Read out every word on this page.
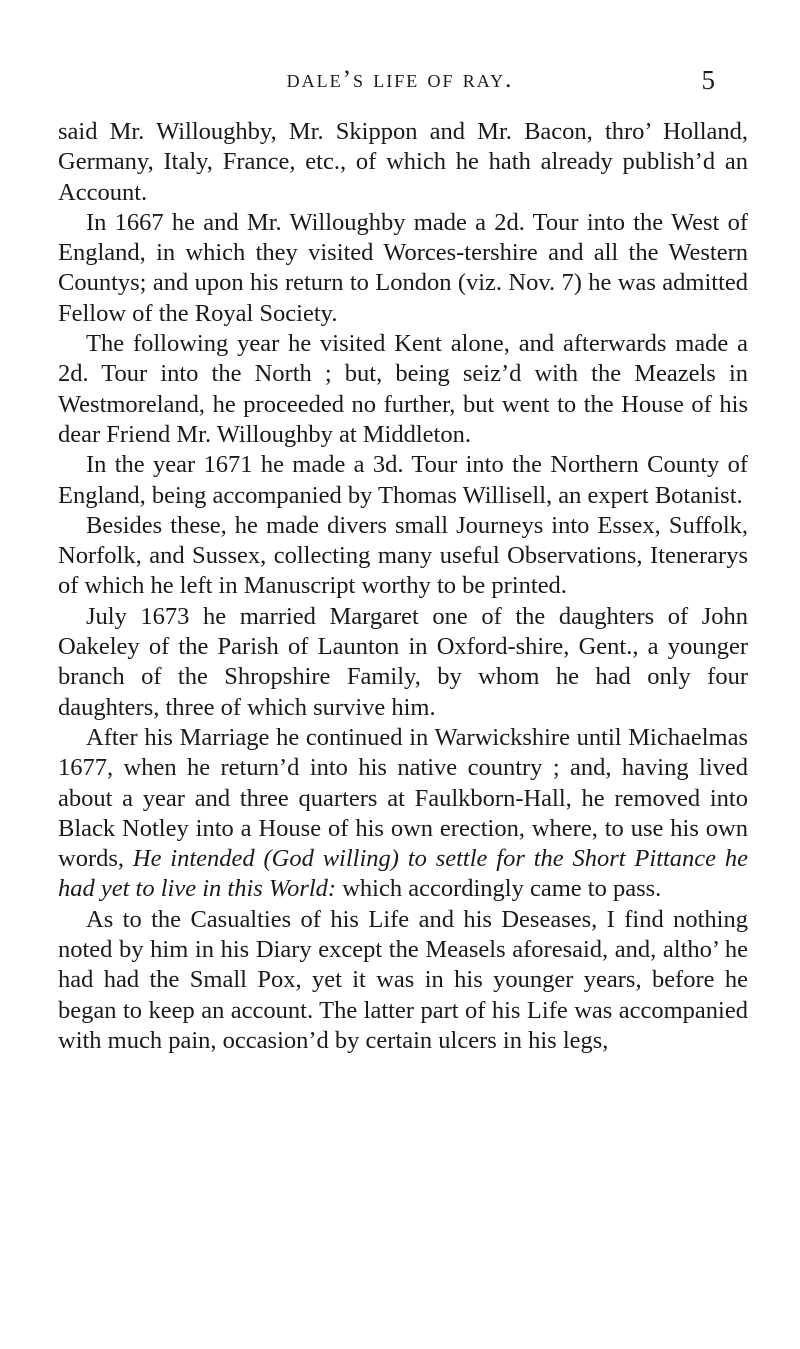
dale’s life of ray.	5

said Mr. Willoughby, Mr. Skippon and Mr. Bacon, thro’ Holland, Germany, Italy, France, etc., of which he hath already publish’d an Account.

In 1667 he and Mr. Willoughby made a 2d. Tour into the West of England, in which they visited Worces-tershire and all the Western Countys; and upon his return to London (viz. Nov. 7) he was admitted Fellow of the Royal Society.

The following year he visited Kent alone, and afterwards made a 2d. Tour into the North ; but, being seiz’d with the Meazels in Westmoreland, he proceeded no further, but went to the House of his dear Friend Mr. Willoughby at Middleton.

In the year 1671 he made a 3d. Tour into the Northern County of England, being accompanied by Thomas Willisell, an expert Botanist.

Besides these, he made divers small Journeys into Essex, Suffolk, Norfolk, and Sussex, collecting many useful Observations, Itenerarys of which he left in Manuscript worthy to be printed.

July 1673 he married Margaret one of the daughters of John Oakeley of the Parish of Launton in Oxford-shire, Gent., a younger branch of the Shropshire Family, by whom he had only four daughters, three of which survive him.

After his Marriage he continued in Warwickshire until Michaelmas 1677, when he return’d into his native country ; and, having lived about a year and three quarters at Faulkborn-Hall, he removed into Black Notley into a House of his own erection, where, to use his own words, He intended (God willing) to settle for the Short Pittance he had yet to live in this World: which accordingly came to pass.

As to the Casualties of his Life and his Deseases, I find nothing noted by him in his Diary except the Measels aforesaid, and, altho’ he had had the Small Pox, yet it was in his younger years, before he began to keep an account. The latter part of his Life was accompanied with much pain, occasion’d by certain ulcers in his legs,
